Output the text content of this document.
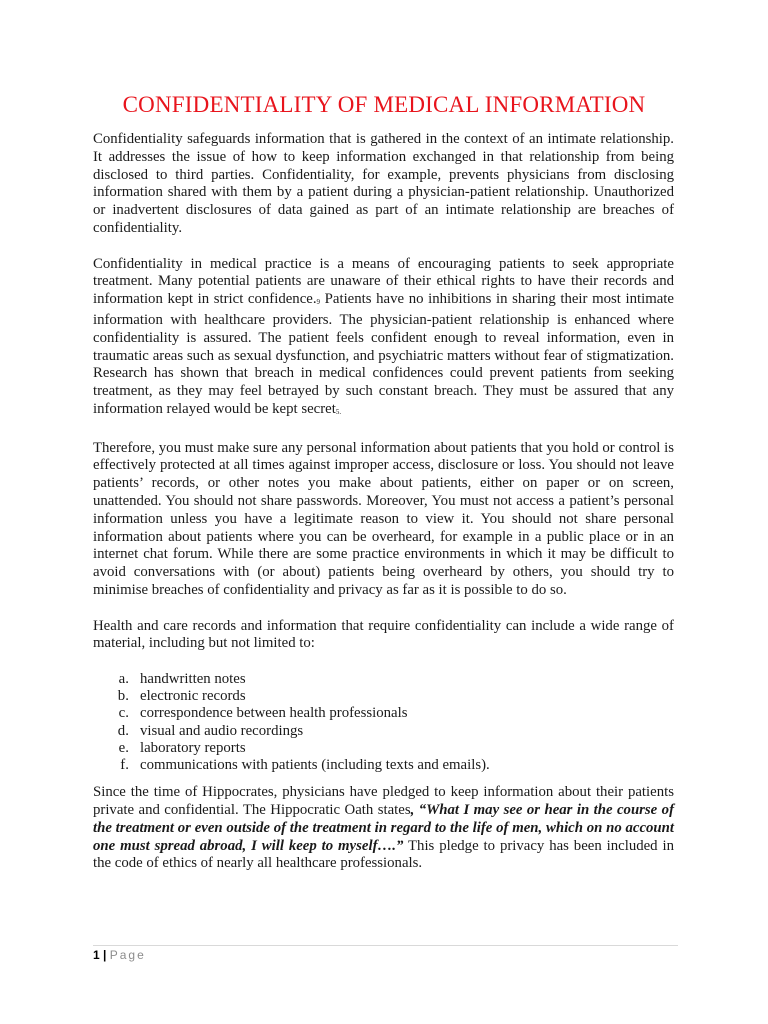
CONFIDENTIALITY OF MEDICAL INFORMATION

Confidentiality safeguards information that is gathered in the context of an intimate relationship. It addresses the issue of how to keep information exchanged in that relationship from being disclosed to third parties. Confidentiality, for example, prevents physicians from disclosing information shared with them by a patient during a physician-patient relationship. Unauthorized or inadvertent disclosures of data gained as part of an intimate relationship are breaches of confidentiality.

Confidentiality in medical practice is a means of encouraging patients to seek appropriate treatment. Many potential patients are unaware of their ethical rights to have their records and information kept in strict confidence.9 Patients have no inhibitions in sharing their most intimate information with healthcare providers. The physician-patient relationship is enhanced where confidentiality is assured. The patient feels confident enough to reveal information, even in traumatic areas such as sexual dysfunction, and psychiatric matters without fear of stigmatization. Research has shown that breach in medical confidences could prevent patients from seeking treatment, as they may feel betrayed by such constant breach. They must be assured that any information relayed would be kept secret5.

Therefore, you must make sure any personal information about patients that you hold or control is effectively protected at all times against improper access, disclosure or loss. You should not leave patients’ records, or other notes you make about patients, either on paper or on screen, unattended. You should not share passwords. Moreover, You must not access a patient’s personal information unless you have a legitimate reason to view it. You should not share personal information about patients where you can be overheard, for example in a public place or in an internet chat forum. While there are some practice environments in which it may be difficult to avoid conversations with (or about) patients being overheard by others, you should try to minimise breaches of confidentiality and privacy as far as it is possible to do so.

Health and care records and information that require confidentiality can include a wide range of material, including but not limited to:

a. handwritten notes
b. electronic records
c. correspondence between health professionals
d. visual and audio recordings
e. laboratory reports
f. communications with patients (including texts and emails).

Since the time of Hippocrates, physicians have pledged to keep information about their patients private and confidential. The Hippocratic Oath states, “What I may see or hear in the course of the treatment or even outside of the treatment in regard to the life of men, which on no account one must spread abroad, I will keep to myself….” This pledge to privacy has been included in the code of ethics of nearly all healthcare professionals.

1 | Page
